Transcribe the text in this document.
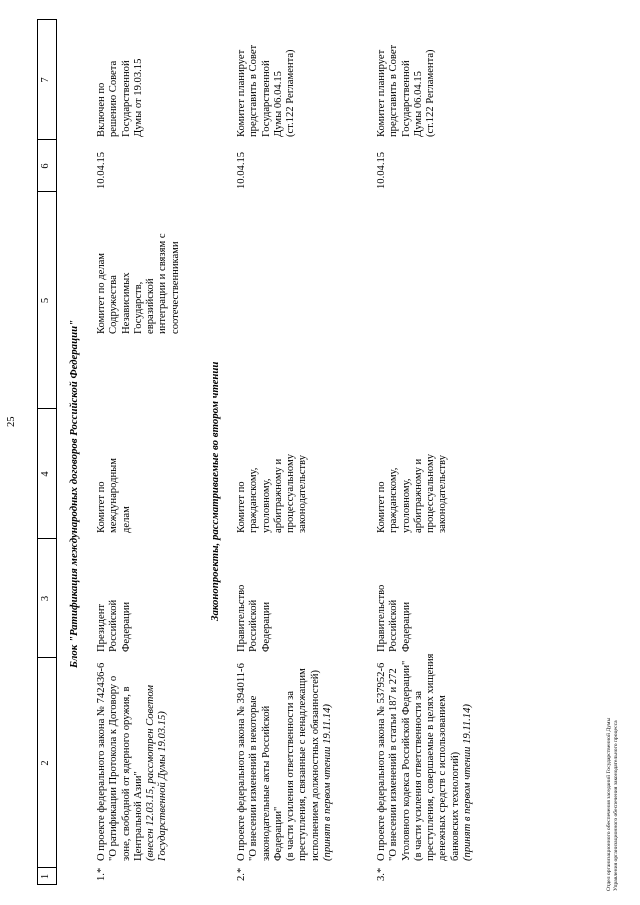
25
1
2
3
4
5
6
7
Блок "Ратификация международных договоров Российской Федерации"
1.*
О проекте федерального закона № 742436-6 "О ратификации Протокола к Договору о зоне, свободной от ядерного оружия, в Центральной Азии" (внесен 12.03.15, рассмотрен Советом Государственной Думы 19.03.15)
Президент Российской Федерации
Комитет по международным делам
Комитет по делам Содружества Независимых Государств, евразийской интеграции и связям с соотечественниками
10.04.15
Включен по решению Совета Государственной Думы от 19.03.15
Законопроекты, рассматриваемые во втором чтении
2.*
О проекте федерального закона № 394011-6 "О внесении изменений в некоторые законодательные акты Российской Федерации" (в части усиления ответственности за преступления, связанные с ненадлежащим исполнением должностных обязанностей) (принят в первом чтении 19.11.14)
Правительство Российской Федерации
Комитет по гражданскому, уголовному, арбитражному и процессуальному законодательству
10.04.15
Комитет планирует представить в Совет Государственной Думы 06.04.15 (ст.122 Регламента)
3.*
О проекте федерального закона № 537952-6 "О внесении изменений в статьи 187 и 272 Уголовного кодекса Российской Федерации" (в части усиления ответственности за преступления, совершаемые в целях хищения денежных средств с использованием банковских технологий) (принят в первом чтении 19.11.14)
Правительство Российской Федерации
Комитет по гражданскому, уголовному, арбитражному и процессуальному законодательству
10.04.15
Комитет планирует представить в Совет Государственной Думы 06.04.15 (ст.122 Регламента)
Отдел организационного обеспечения заседаний Государственной Думы Управления организационного обеспечения законодательного процесса
